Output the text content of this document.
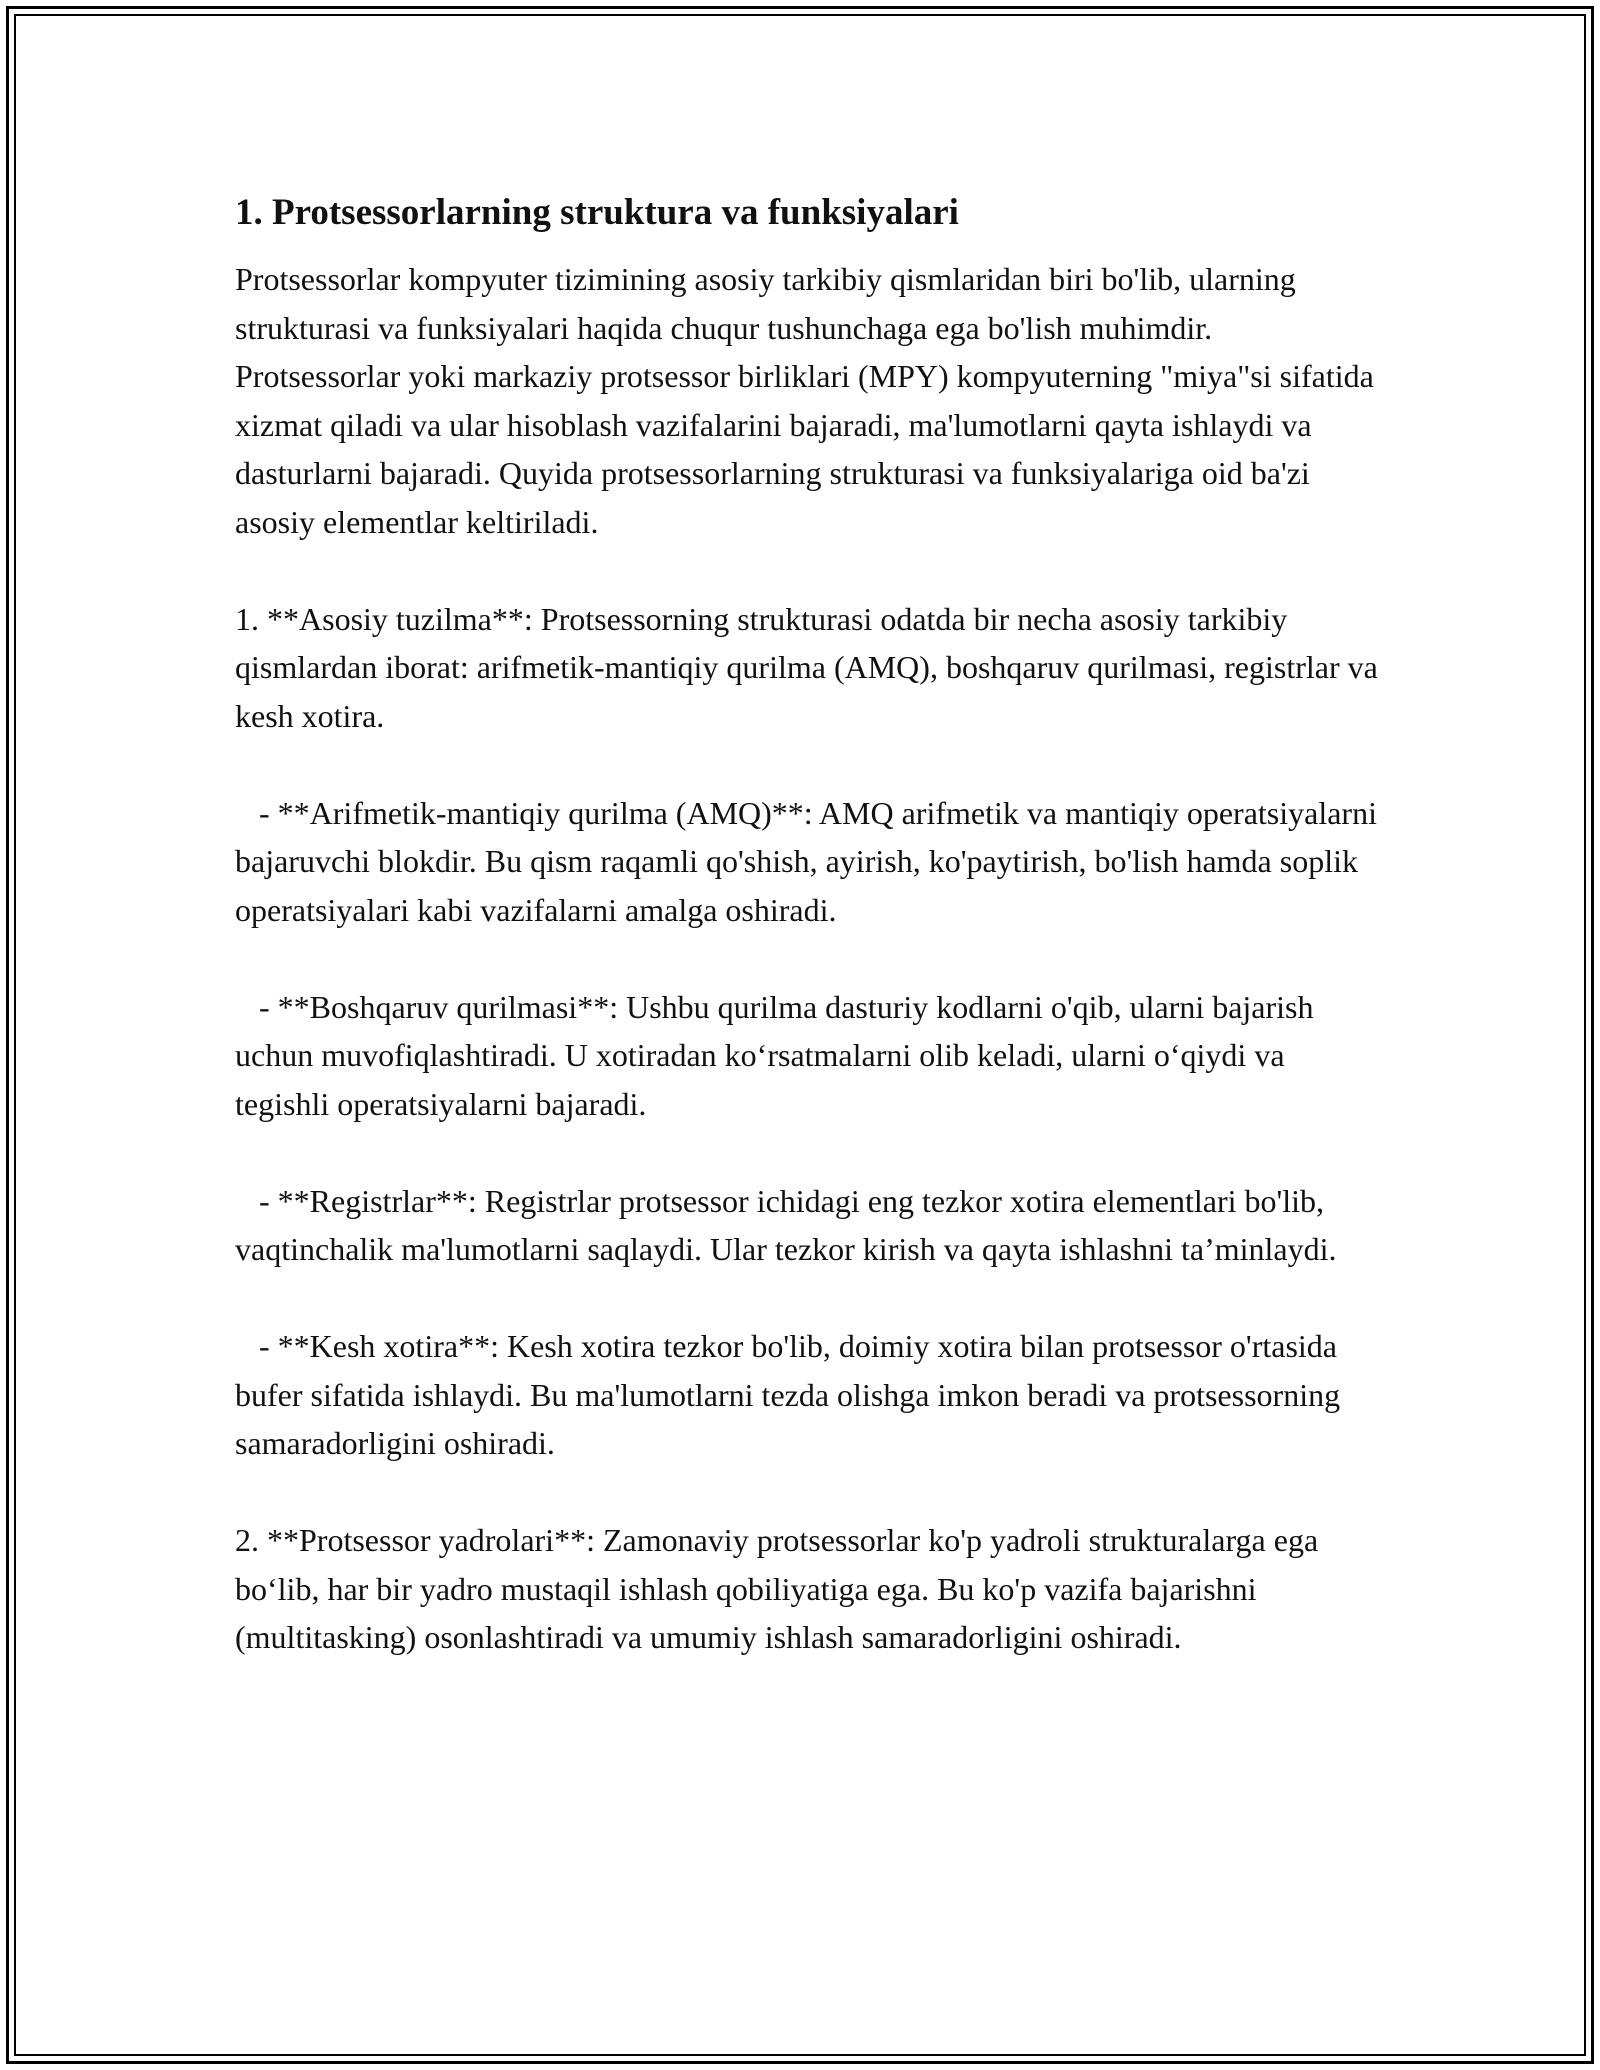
1. Protsessorlarning struktura va funksiyalari

Protsessorlar kompyuter tizimining asosiy tarkibiy qismlaridan biri bo'lib, ularning strukturasi va funksiyalari haqida chuqur tushunchaga ega bo'lish muhimdir. Protsessorlar yoki markaziy protsessor birliklari (MPY) kompyuterning "miya"si sifatida xizmat qiladi va ular hisoblash vazifalarini bajaradi, ma'lumotlarni qayta ishlaydi va dasturlarni bajaradi. Quyida protsessorlarning strukturasi va funksiyalariga oid ba'zi asosiy elementlar keltiriladi.

1. **Asosiy tuzilma**: Protsessorning strukturasi odatda bir necha asosiy tarkibiy qismlardan iborat: arifmetik-mantiqiy qurilma (AMQ), boshqaruv qurilmasi, registrlar va kesh xotira.

- **Arifmetik-mantiqiy qurilma (AMQ)**: AMQ arifmetik va mantiqiy operatsiyalarni bajaruvchi blokdir. Bu qism raqamli qo'shish, ayirish, ko'paytirish, bo'lish hamda soplik operatsiyalari kabi vazifalarni amalga oshiradi.

- **Boshqaruv qurilmasi**: Ushbu qurilma dasturiy kodlarni o'qib, ularni bajarish uchun muvofiqlashtiradi. U xotiradan ko‘rsatmalarni olib keladi, ularni o‘qiydi va tegishli operatsiyalarni bajaradi.

- **Registrlar**: Registrlar protsessor ichidagi eng tezkor xotira elementlari bo'lib, vaqtinchalik ma'lumotlarni saqlaydi. Ular tezkor kirish va qayta ishlashni ta’minlaydi.

- **Kesh xotira**: Kesh xotira tezkor bo'lib, doimiy xotira bilan protsessor o'rtasida bufer sifatida ishlaydi. Bu ma'lumotlarni tezda olishga imkon beradi va protsessorning samaradorligini oshiradi.

2. **Protsessor yadrolari**: Zamonaviy protsessorlar ko'p yadroli strukturalarga ega bo‘lib, har bir yadro mustaqil ishlash qobiliyatiga ega. Bu ko'p vazifa bajarishni (multitasking) osonlashtiradi va umumiy ishlash samaradorligini oshiradi.
